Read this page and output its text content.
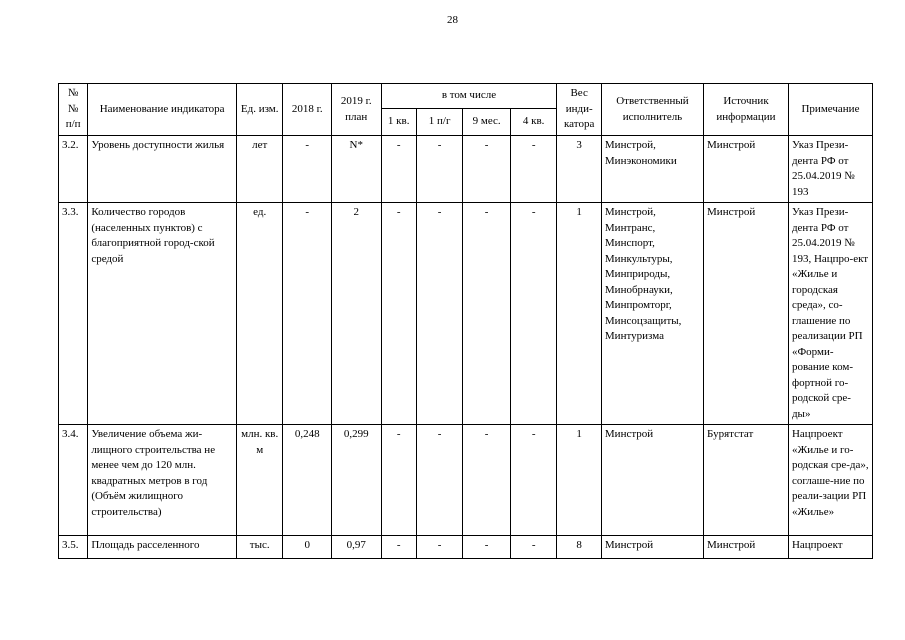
28
№
№
п/п	Наименование индикатора	Ед. изм.	2018 г.	2019 г. план	в том числе				Вес инди-катора	Ответственный исполнитель	Источник информации	Примечание
					1 кв.	1 п/г	9 мес.	4 кв.				
3.2.	Уровень доступности жилья	лет	-	N*	-	-	-	-	3	Минстрой, Минэкономики	Минстрой	Указ Прези-дента РФ от 25.04.2019 № 193
3.3.	Количество городов (населенных пунктов) с благоприятной город-ской средой	ед.	-	2	-	-	-	-	1	Минстрой, Минтранс, Минспорт, Минкультуры, Минприроды, Минобрнауки, Минпромторг, Минсоцзащиты, Минтуризма	Минстрой	Указ Прези-дента РФ от 25.04.2019 № 193, Нацпро-ект «Жилье и городская среда», со-глашение по реализации РП «Форми-рование ком-фортной го-родской сре-ды»
3.4.	Увеличение объема жи-лищного строительства не менее чем до 120 млн. квадратных метров в год (Объём жилищного строительства)	млн. кв. м	0,248	0,299	-	-	-	-	1	Минстрой	Бурятстат	Нацпроект «Жилье и го-родская сре-да», соглаше-ние по реали-зации РП «Жилье»
3.5.	Площадь расселенного	тыс.	0	0,97	-	-	-	-	8	Минстрой	Минстрой	Нацпроект
